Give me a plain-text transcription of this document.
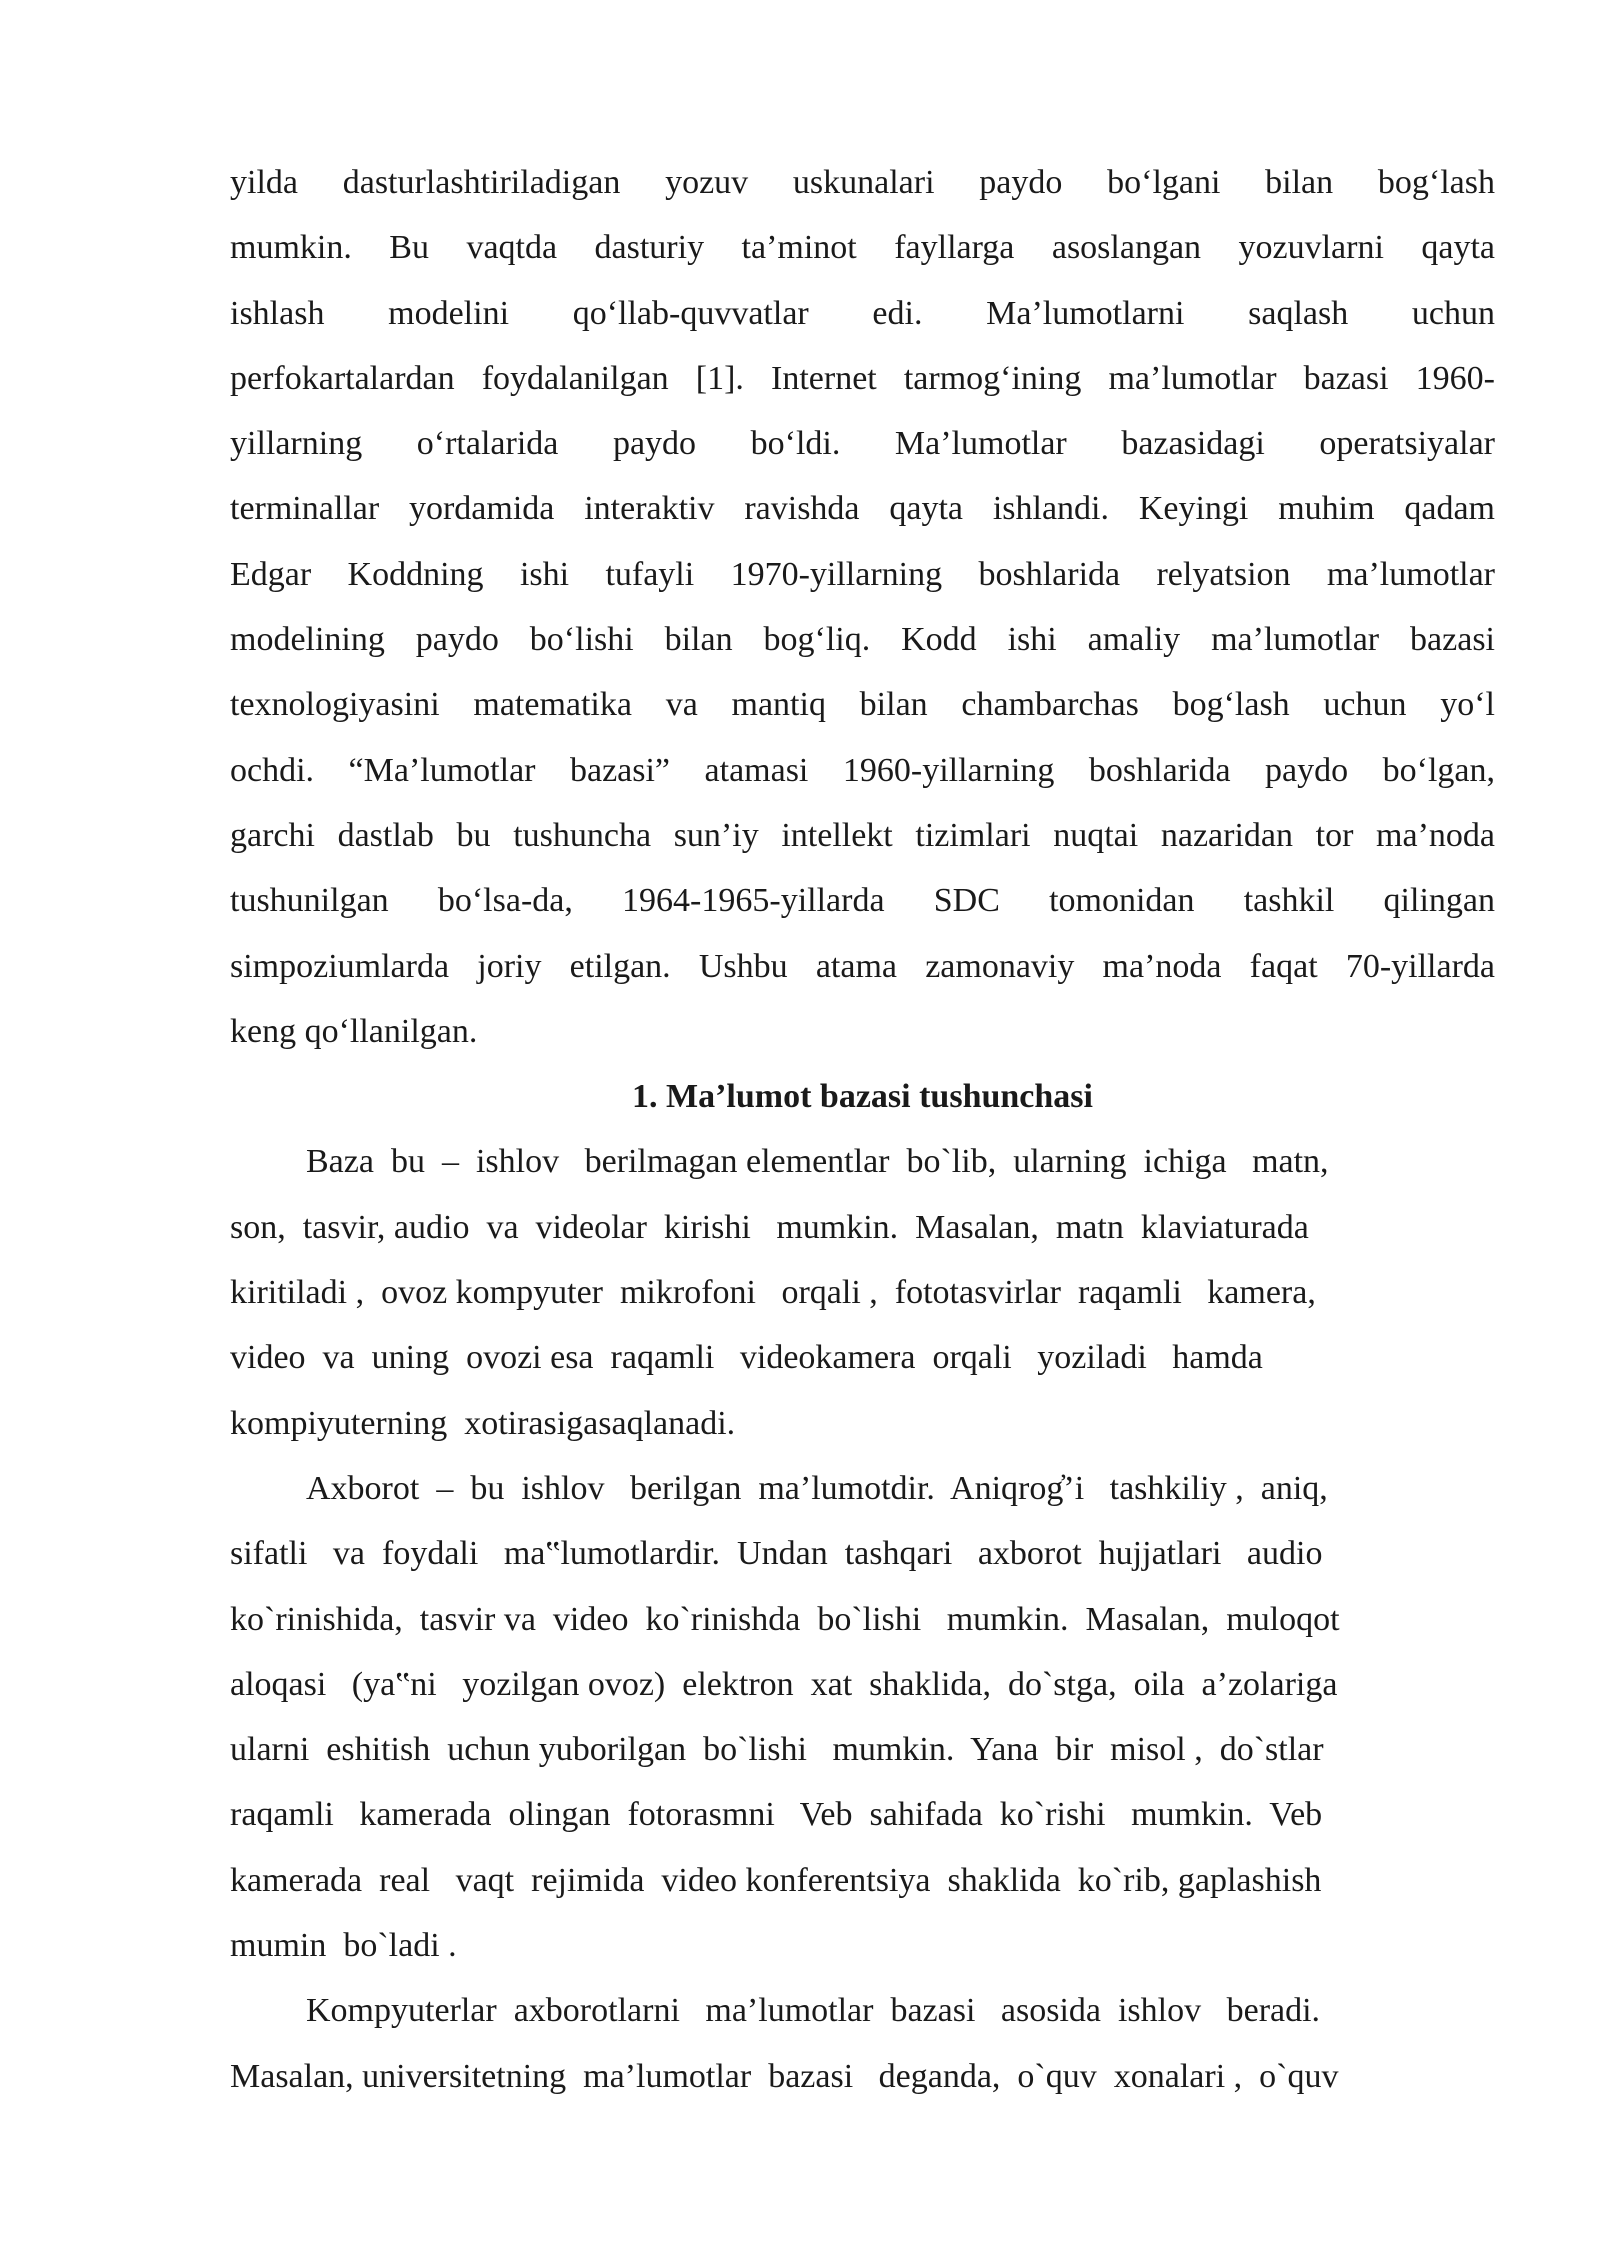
yilda dasturlashtiriladigan yozuv uskunalari paydo bo‘lgani bilan bog‘lash
mumkin. Bu vaqtda dasturiy ta’minot fayllarga asoslangan yozuvlarni qayta
ishlash modelini qo‘llab-quvvatlar edi. Ma’lumotlarni saqlash uchun
perfokartalardan foydalanilgan [1]. Internet tarmog‘ining ma’lumotlar bazasi 1960-
yillarning o‘rtalarida paydo bo‘ldi. Ma’lumotlar bazasidagi operatsiyalar
terminallar yordamida interaktiv ravishda qayta ishlandi. Keyingi muhim qadam
Edgar Koddning ishi tufayli 1970-yillarning boshlarida relyatsion ma’lumotlar
modelining paydo bo‘lishi bilan bog‘liq. Kodd ishi amaliy ma’lumotlar bazasi
texnologiyasini matematika va mantiq bilan chambarchas bog‘lash uchun yo‘l
ochdi. “Ma’lumotlar bazasi” atamasi 1960-yillarning boshlarida paydo bo‘lgan,
garchi dastlab bu tushuncha sun’iy intellekt tizimlari nuqtai nazaridan tor ma’noda
tushunilgan bo‘lsa-da, 1964-1965-yillarda SDC tomonidan tashkil qilingan
simpoziumlarda joriy etilgan. Ushbu atama zamonaviy ma’noda faqat 70-yillarda
keng qo‘llanilgan.

1. Ma’lumot bazasi tushunchasi

Baza  bu  –  ishlov   berilmagan elementlar  bo`lib,  ularning  ichiga   matn,
son,  tasvir, audio  va  videolar  kirishi   mumkin.  Masalan,  matn  klaviaturada
kiritiladi ,  ovoz kompyuter  mikrofoni   orqali ,  fototasvirlar  raqamli   kamera,
video  va  uning  ovozi esa  raqamli   videokamera  orqali   yoziladi   hamda
kompiyuterning  xotirasigasaqlanadi.

Axborot  –  bu  ishlov   berilgan  ma’lumotdir.  Aniqrog҆’i   tashkiliy ,  aniq,
sifatli   va  foydali   ma‟lumotlardir.  Undan  tashqari   axborot  hujjatlari   audio
ko`rinishida,  tasvir va  video  ko`rinishda  bo`lishi   mumkin.  Masalan,  muloqot
aloqasi   (ya‟ni   yozilgan ovoz)  elektron  xat  shaklida,  do`stga,  oila  a’zolariga
ularni  eshitish  uchun yuborilgan  bo`lishi   mumkin.  Yana  bir  misol ,  do`stlar
raqamli   kamerada  olingan  fotorasmni   Veb  sahifada  ko`rishi   mumkin.  Veb
kamerada  real   vaqt  rejimida  video konferentsiya  shaklida  ko`rib, gaplashish
mumin  bo`ladi .

Kompyuterlar  axborotlarni   ma’lumotlar  bazasi   asosida  ishlov   beradi.
Masalan, universitetning  ma’lumotlar  bazasi   deganda,  o`quv  xonalari ,  o`quv
